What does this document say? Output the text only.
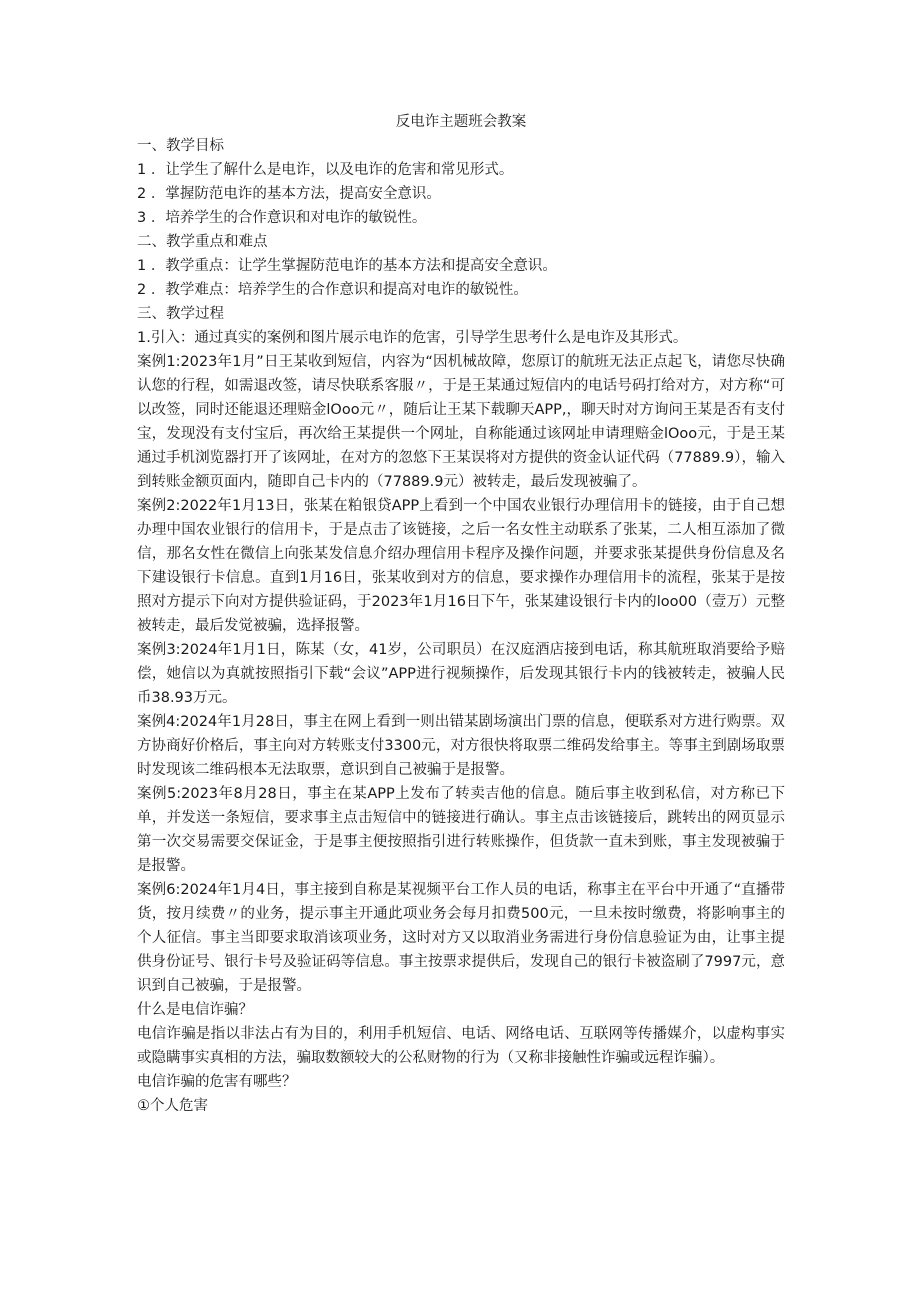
反电诈主题班会教案

一、教学目标

1 ．让学生了解什么是电诈，以及电诈的危害和常见形式。

2 ．掌握防范电诈的基本方法，提高安全意识。

3 ．培养学生的合作意识和对电诈的敏锐性。

二、教学重点和难点

1 ．教学重点：让学生掌握防范电诈的基本方法和提高安全意识。

2 ．教学难点：培养学生的合作意识和提高对电诈的敏锐性。

三、教学过程

1.引入：通过真实的案例和图片展示电诈的危害，引导学生思考什么是电诈及其形式。

案例1:2023年1月”日王某收到短信，内容为“因机械故障，您原订的航班无法正点起飞，请您尽快确认您的行程，如需退改签，请尽快联系客服〃，于是王某通过短信内的电话号码打给对方，对方称“可以改签，同时还能退还理赔金lOoo元〃，随后让王某下载聊天APP,，聊天时对方询问王某是否有支付宝，发现没有支付宝后，再次给王某提供一个网址，自称能通过该网址申请理赔金lOoo元，于是王某通过手机浏览器打开了该网址，在对方的忽悠下王某误将对方提供的资金认证代码（77889.9），输入到转账金额页面内，随即自己卡内的（77889.9元）被转走，最后发现被骗了。

案例2:2022年1月13日，张某在粕银贷APP上看到一个中国农业银行办理信用卡的链接，由于自己想办理中国农业银行的信用卡，于是点击了该链接，之后一名女性主动联系了张某，二人相互添加了微信，那名女性在微信上向张某发信息介绍办理信用卡程序及操作问题，并要求张某提供身份信息及名下建设银行卡信息。直到1月16日，张某收到对方的信息，要求操作办理信用卡的流程，张某于是按照对方提示下向对方提供验证码，于2023年1月16日下午，张某建设银行卡内的loo00（壹万）元整被转走，最后发觉被骗，选择报警。

案例3:2024年1月1日，陈某（女，41岁，公司职员）在汉庭酒店接到电话，称其航班取消要给予赔偿，她信以为真就按照指引下载“会议”APP进行视频操作，后发现其银行卡内的钱被转走，被骗人民币38.93万元。

案例4:2024年1月28日，事主在网上看到一则出错某剧场演出门票的信息，便联系对方进行购票。双方协商好价格后，事主向对方转账支付3300元，对方很快将取票二维码发给事主。等事主到剧场取票时发现该二维码根本无法取票，意识到自己被骗于是报警。

案例5:2023年8月28日，事主在某APP上发布了转卖吉他的信息。随后事主收到私信，对方称已下单，并发送一条短信，要求事主点击短信中的链接进行确认。事主点击该链接后，跳转出的网页显示第一次交易需要交保证金，于是事主便按照指引进行转账操作，但货款一直未到账，事主发现被骗于是报警。

案例6:2024年1月4日，事主接到自称是某视频平台工作人员的电话，称事主在平台中开通了“直播带货，按月续费〃的业务，提示事主开通此项业务会每月扣费500元，一旦未按时缴费，将影响事主的个人征信。事主当即要求取消该项业务，这时对方又以取消业务需进行身份信息验证为由，让事主提供身份证号、银行卡号及验证码等信息。事主按票求提供后，发现自己的银行卡被盗刷了7997元，意识到自己被骗，于是报警。

什么是电信诈骗？

电信诈骗是指以非法占有为目的，利用手机短信、电话、网络电话、互联网等传播媒介，以虚构事实或隐瞒事实真相的方法，骗取数额较大的公私财物的行为（又称非接触性诈骗或远程诈骗）。

电信诈骗的危害有哪些？

①个人危害
